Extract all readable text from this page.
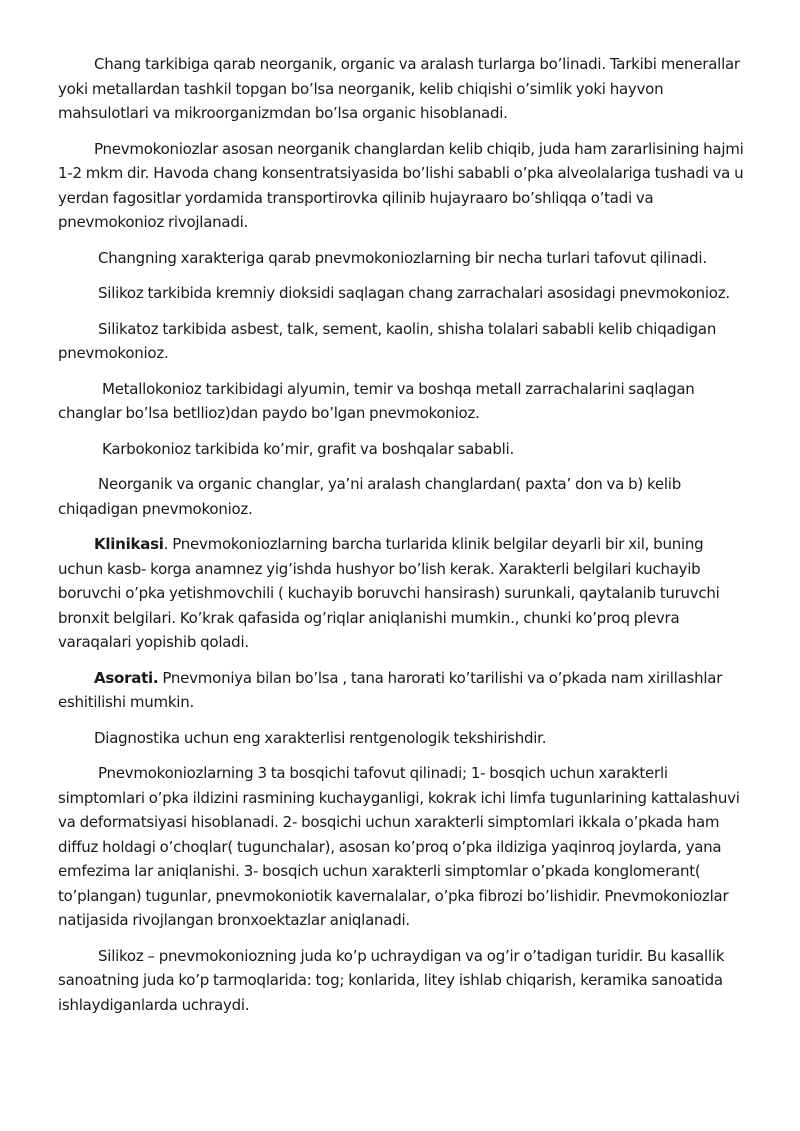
Chang tarkibiga qarab neorganik, organic va aralash turlarga bo’linadi. Tarkibi menerallar yoki metallardan tashkil topgan bo’lsa neorganik, kelib chiqishi o’simlik yoki hayvon mahsulotlari va mikroorganizmdan bo’lsa organic hisoblanadi.

Pnevmokoniozlar asosan neorganik changlardan kelib chiqib, juda ham zararlisining hajmi 1-2 mkm dir. Havoda chang konsentratsiyasida bo’lishi sababli o’pka alveolalariga tushadi va u yerdan fagositlar yordamida transportirovka qilinib hujayraaro bo’shliqqa o’tadi va pnevmokonioz rivojlanadi.

Changning xarakteriga qarab pnevmokoniozlarning bir necha turlari tafovut qilinadi.

Silikoz tarkibida kremniy dioksidi saqlagan chang zarrachalari asosidagi pnevmokonioz.

Silikatoz tarkibida asbest, talk, sement, kaolin, shisha tolalari sababli kelib chiqadigan pnevmokonioz.

Metallokonioz tarkibidagi alyumin, temir va boshqa metall zarrachalarini saqlagan changlar bo’lsa betllioz)dan paydo bo’lgan pnevmokonioz.

Karbokonioz tarkibida ko’mir, grafit va boshqalar sababli.

Neorganik va organic changlar, ya’ni aralash changlardan( paxta’ don va b) kelib chiqadigan pnevmokonioz.

Klinikasi. Pnevmokoniozlarning barcha turlarida klinik belgilar deyarli bir xil, buning uchun kasb- korga anamnez yig’ishda hushyor bo’lish kerak. Xarakterli belgilari kuchayib boruvchi o’pka yetishmovchili ( kuchayib boruvchi hansirash) surunkali, qaytalanib turuvchi bronxit belgilari. Ko’krak qafasida og’riqlar aniqlanishi mumkin., chunki ko’proq plevra varaqalari yopishib qoladi.

Asorati. Pnevmoniya bilan bo’lsa , tana harorati ko’tarilishi va o’pkada nam xirillashlar eshitilishi mumkin.

Diagnostika uchun eng xarakterlisi rentgenologik tekshirishdir.

Pnevmokoniozlarning 3 ta bosqichi tafovut qilinadi; 1- bosqich uchun xarakterli simptomlari o’pka ildizini rasmining kuchayganligi, kokrak ichi limfa tugunlarining kattalashuvi va deformatsiyasi hisoblanadi. 2- bosqichi uchun xarakterli simptomlari ikkala o’pkada ham diffuz holdagi o’choqlar( tugunchalar), asosan ko’proq o’pka ildiziga yaqinroq joylarda, yana emfezima lar aniqlanishi. 3- bosqich uchun xarakterli simptomlar o’pkada konglomerant( to’plangan) tugunlar, pnevmokoniotik kavernalalar, o’pka fibrozi bo’lishidir. Pnevmokoniozlar natijasida rivojlangan bronxoektazlar aniqlanadi.

Silikoz – pnevmokoniozning juda ko’p uchraydigan va og’ir o’tadigan turidir. Bu kasallik sanoatning juda ko’p tarmoqlarida: tog; konlarida, litey ishlab chiqarish, keramika sanoatida ishlaydiganlarda uchraydi.
